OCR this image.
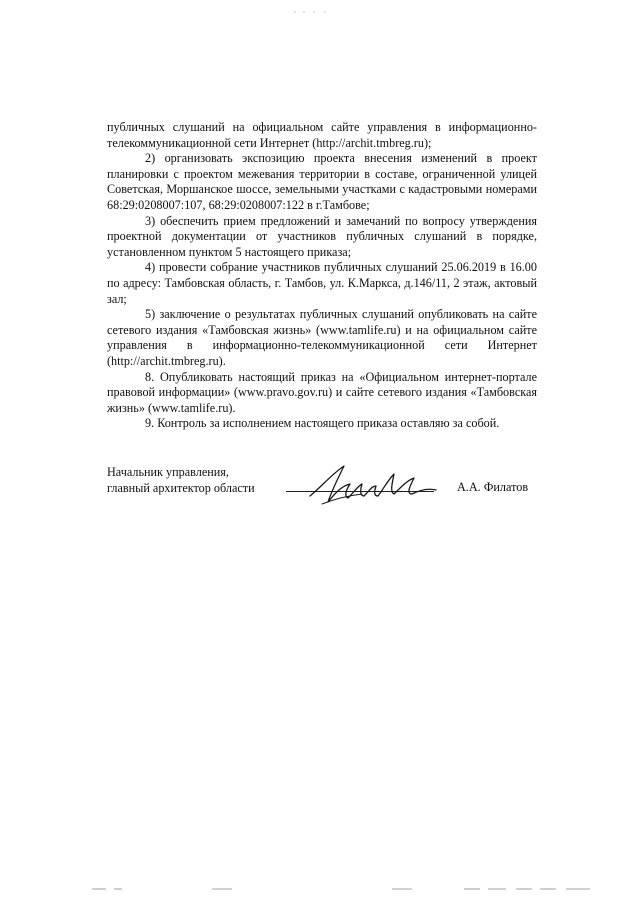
публичных слушаний на официальном сайте управления в информационно-телекоммуникационной сети Интернет (http://archit.tmbreg.ru);

2) организовать экспозицию проекта внесения изменений в проект планировки с проектом межевания территории в составе, ограниченной улицей Советская, Моршанское шоссе, земельными участками с кадастровыми номерами 68:29:0208007:107, 68:29:0208007:122 в г.Тамбове;

3) обеспечить прием предложений и замечаний по вопросу утверждения проектной документации от участников публичных слушаний в порядке, установленном пунктом 5 настоящего приказа;

4) провести собрание участников публичных слушаний 25.06.2019 в 16.00 по адресу: Тамбовская область, г. Тамбов, ул. К.Маркса, д.146/11, 2 этаж, актовый зал;

5) заключение о результатах публичных слушаний опубликовать на сайте сетевого издания «Тамбовская жизнь» (www.tamlife.ru) и на официальном сайте управления в информационно-телекоммуникационной сети Интернет (http://archit.tmbreg.ru).

8. Опубликовать настоящий приказ на «Официальном интернет-портале правовой информации» (www.pravo.gov.ru) и сайте сетевого издания «Тамбовская жизнь» (www.tamlife.ru).

9. Контроль за исполнением настоящего приказа оставляю за собой.

Начальник управления,
главный архитектор области	А.А. Филатов
